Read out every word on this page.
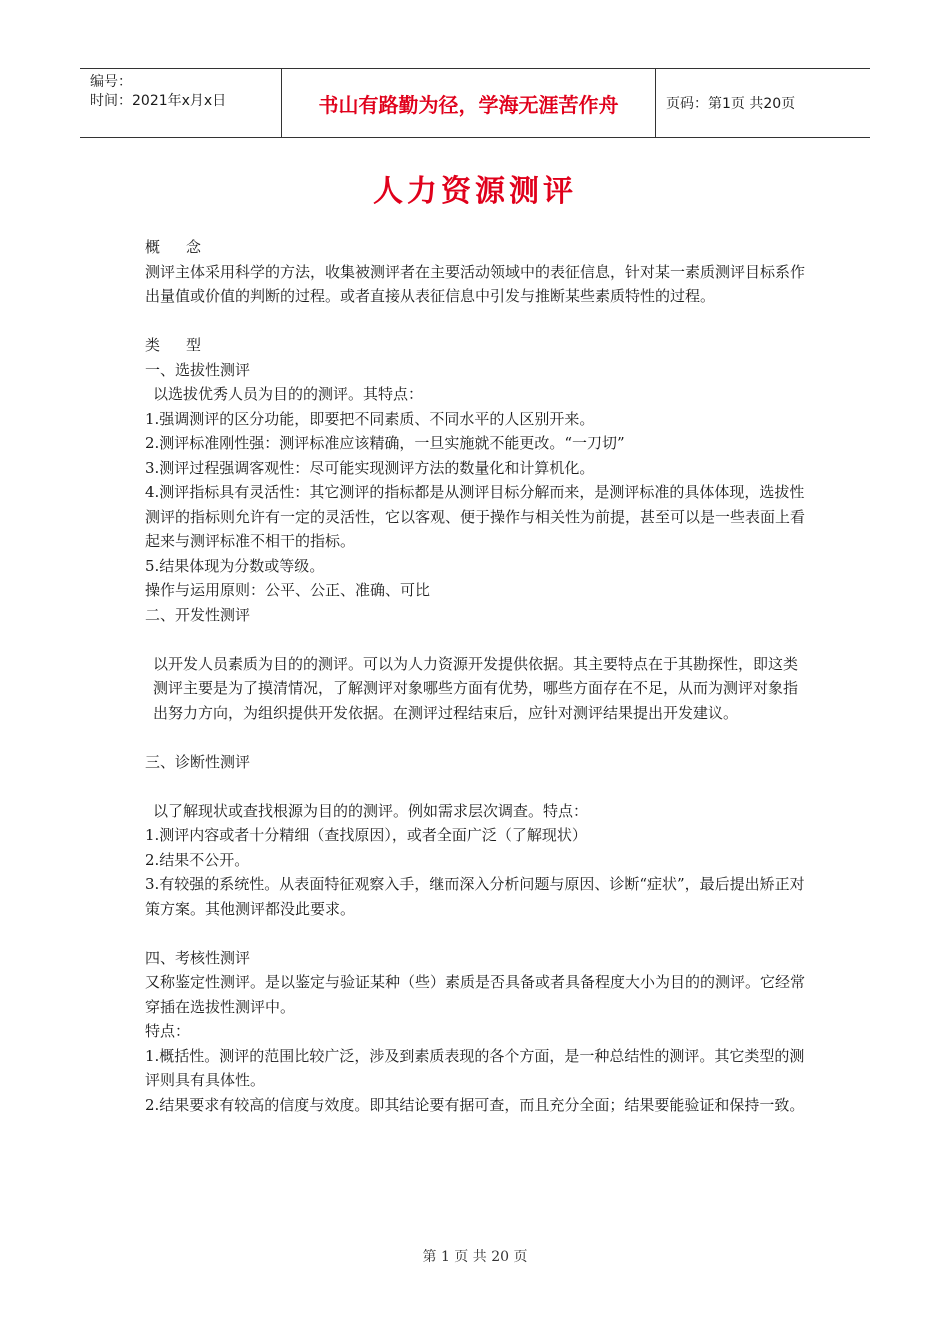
编号：
时间：2021年x月x日	书山有路勤为径，学海无涯苦作舟	页码：第1页 共20页
人力资源测评

概念

测评主体采用科学的方法，收集被测评者在主要活动领域中的表征信息，针对某一素质测评目标系作出量值或价值的判断的过程。或者直接从表征信息中引发与推断某些素质特性的过程。

类型

一、选拔性测评

以选拔优秀人员为目的的测评。其特点：

1.强调测评的区分功能，即要把不同素质、不同水平的人区别开来。

2.测评标准刚性强：测评标准应该精确，一旦实施就不能更改。“一刀切”

3.测评过程强调客观性：尽可能实现测评方法的数量化和计算机化。

4.测评指标具有灵活性：其它测评的指标都是从测评目标分解而来，是测评标准的具体体现，选拔性测评的指标则允许有一定的灵活性，它以客观、便于操作与相关性为前提，甚至可以是一些表面上看起来与测评标准不相干的指标。

5.结果体现为分数或等级。

操作与运用原则：公平、公正、准确、可比

二、开发性测评

以开发人员素质为目的的测评。可以为人力资源开发提供依据。其主要特点在于其勘探性，即这类测评主要是为了摸清情况，了解测评对象哪些方面有优势，哪些方面存在不足，从而为测评对象指出努力方向，为组织提供开发依据。在测评过程结束后，应针对测评结果提出开发建议。

三、诊断性测评

以了解现状或查找根源为目的的测评。例如需求层次调查。特点：

1.测评内容或者十分精细（查找原因），或者全面广泛（了解现状）

2.结果不公开。

3.有较强的系统性。从表面特征观察入手，继而深入分析问题与原因、诊断“症状”，最后提出矫正对策方案。其他测评都没此要求。

四、考核性测评

又称鉴定性测评。是以鉴定与验证某种（些）素质是否具备或者具备程度大小为目的的测评。它经常穿插在选拔性测评中。

特点：

1.概括性。测评的范围比较广泛，涉及到素质表现的各个方面，是一种总结性的测评。其它类型的测评则具有具体性。

2.结果要求有较高的信度与效度。即其结论要有据可查，而且充分全面；结果要能验证和保持一致。

第 1 页 共 20 页
